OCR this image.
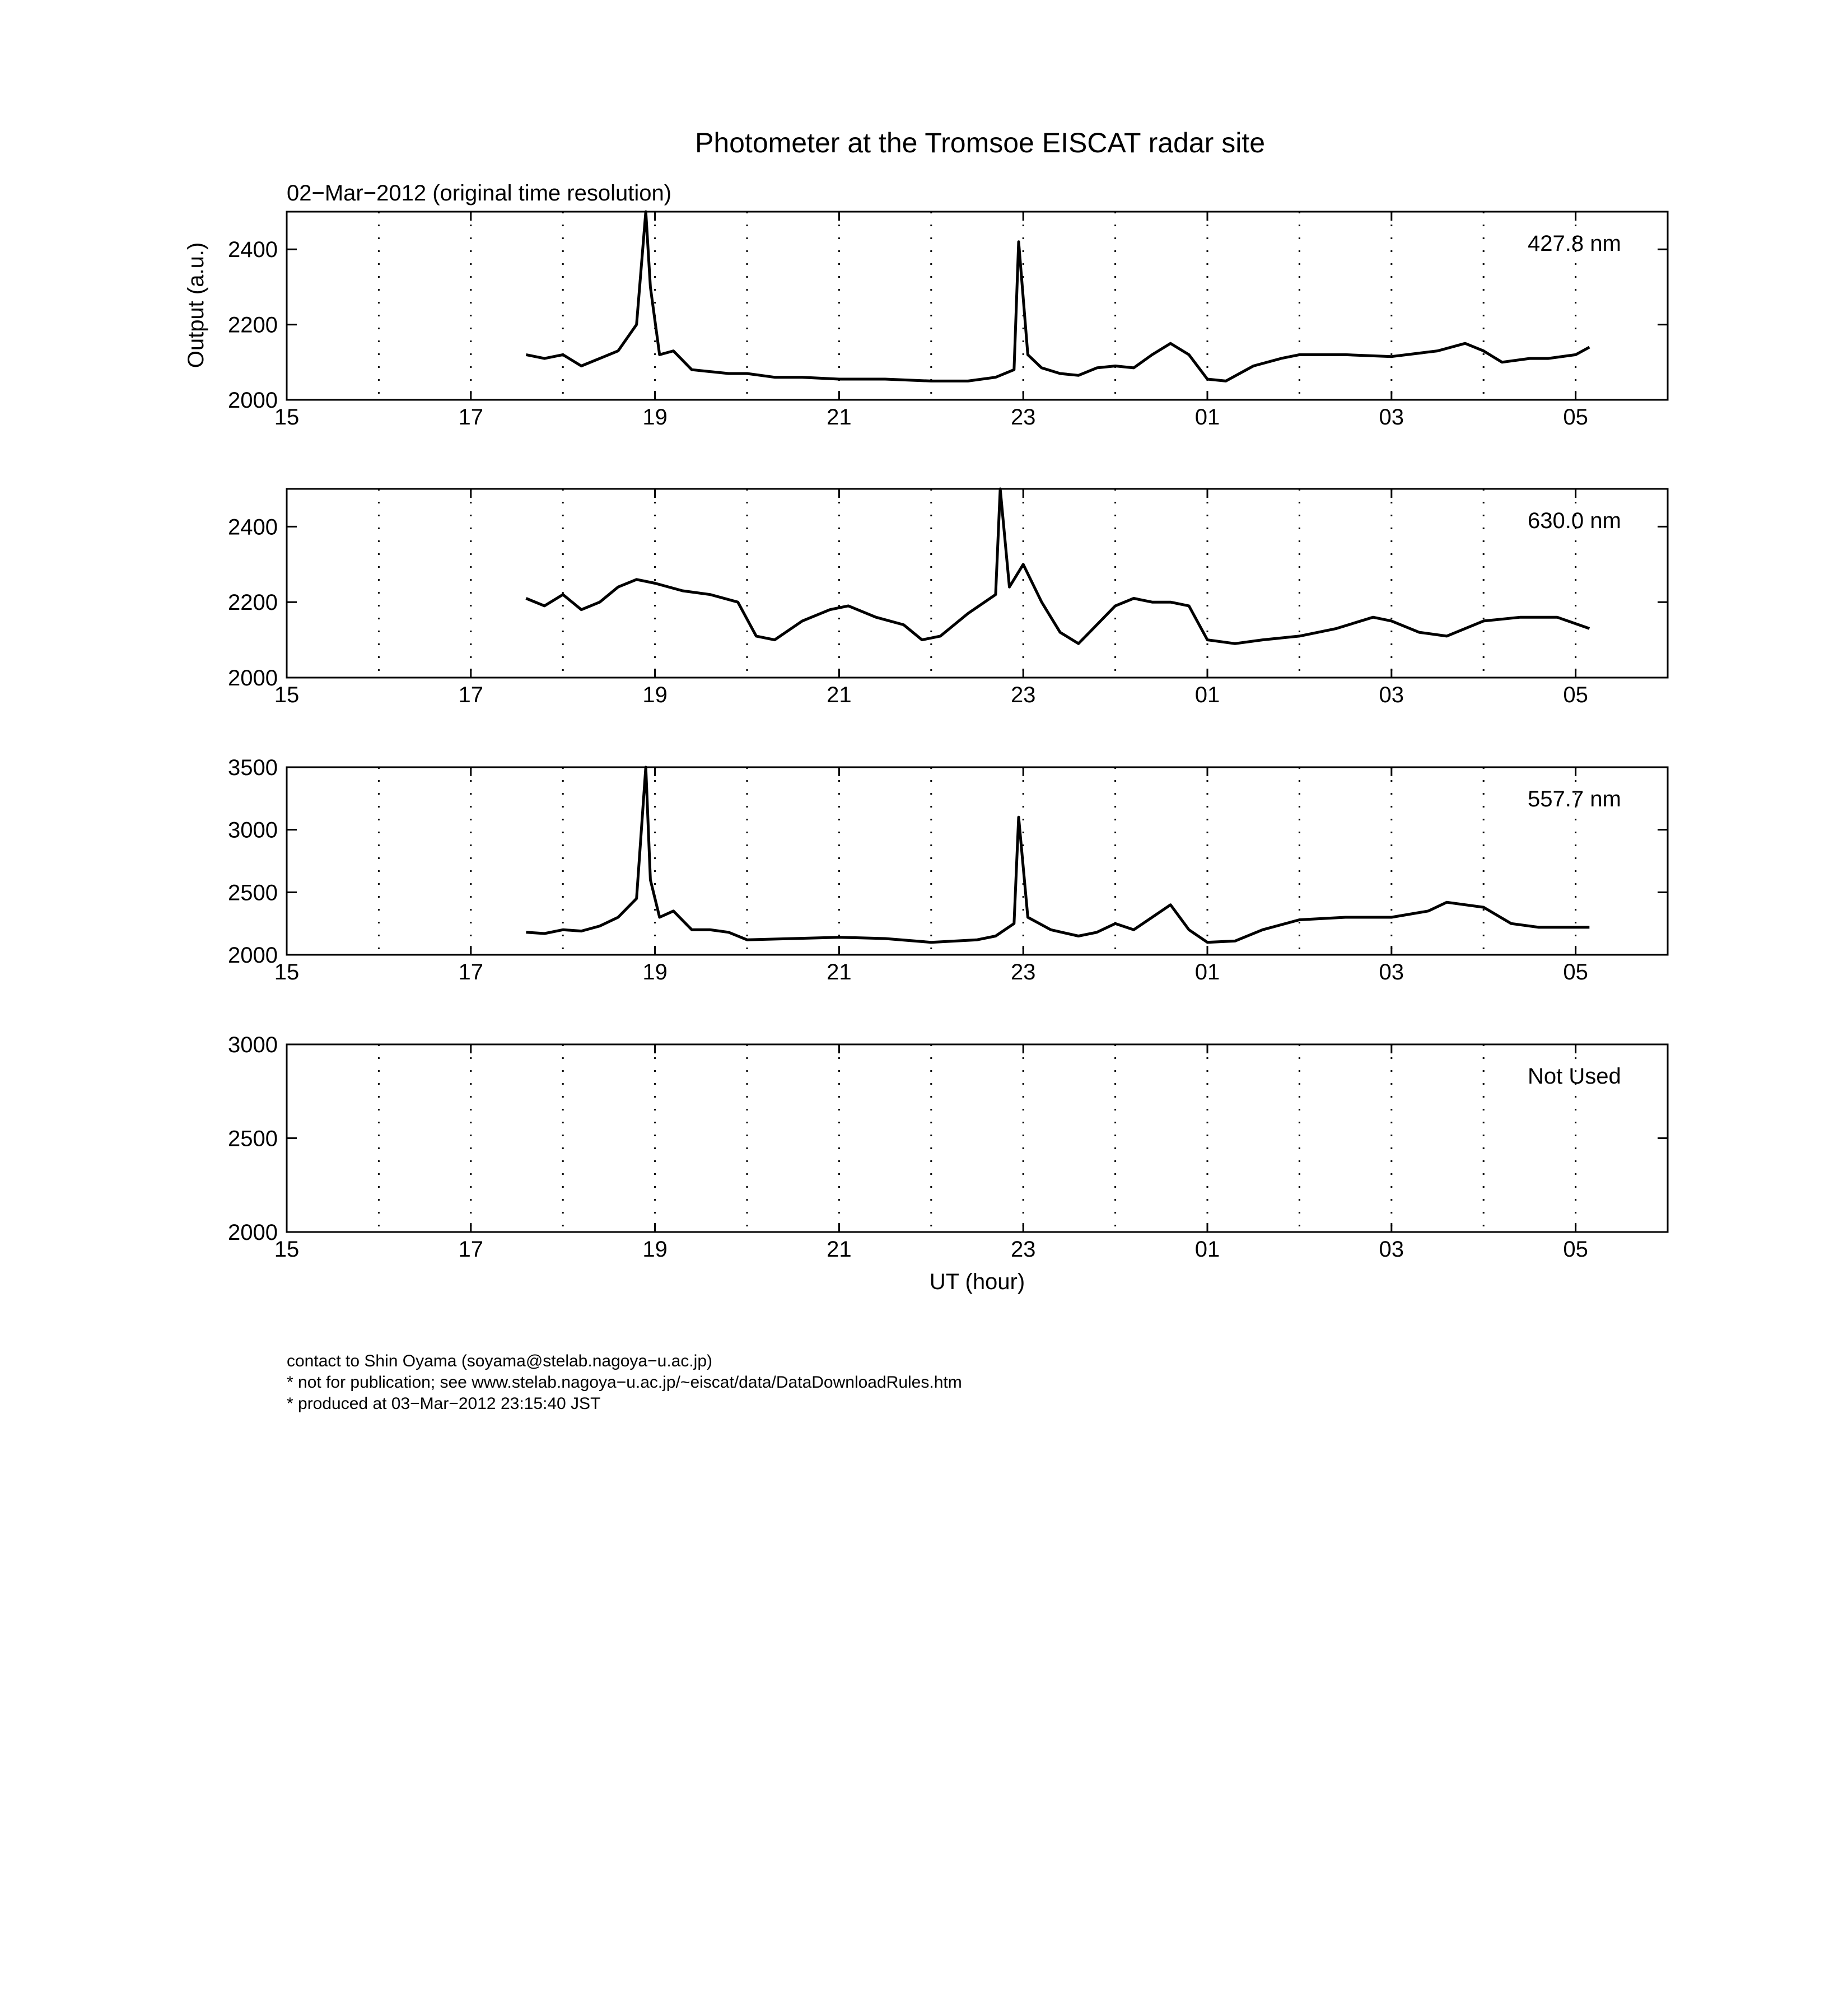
Photometer at the Tromsoe EISCAT radar site
02−Mar−2012 (original time resolution)
Output (a.u.)
UT (hour)
15	17	19	21	23	01	03	05
2000
2200
2400	427.8 nm
15	17	19	21	23	01	03	05
2000
2200
2400	630.0 nm
15	17	19	21	23	01	03	05
2000
2500
3000
3500
557.7 nm
15	17	19	21	23	01	03	05
2000
2500
3000
Not Used
contact to Shin Oyama (soyama@stelab.nagoya−u.ac.jp)
* not for publication; see www.stelab.nagoya−u.ac.jp/~eiscat/data/DataDownloadRules.htm
* produced at 03−Mar−2012 23:15:40 JST
